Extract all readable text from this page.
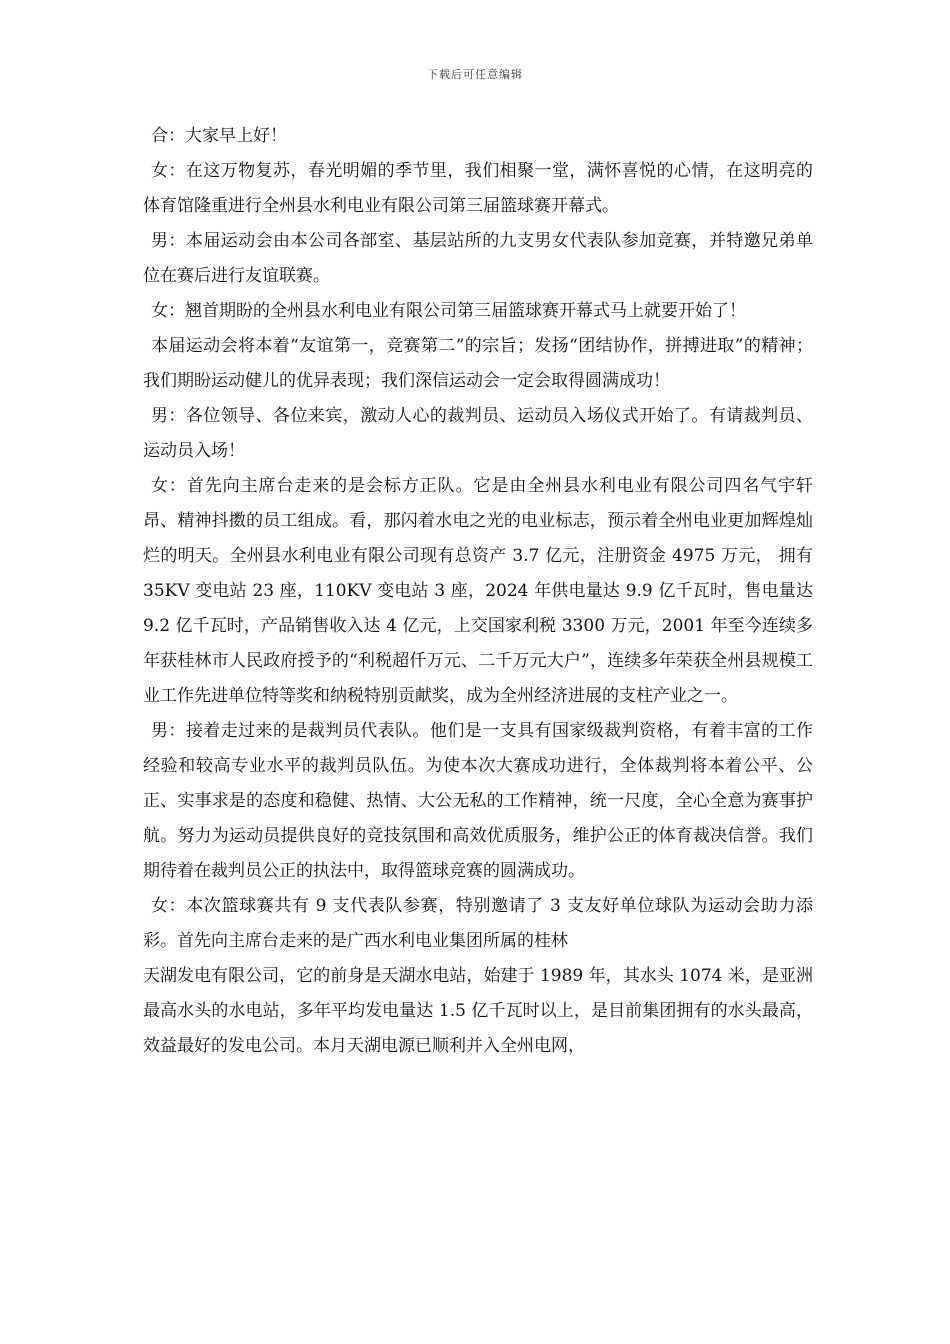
下载后可任意编辑

合：大家早上好！

女：在这万物复苏，春光明媚的季节里，我们相聚一堂，满怀喜悦的心情，在这明亮的体育馆隆重进行全州县水利电业有限公司第三届篮球赛开幕式。

男：本届运动会由本公司各部室、基层站所的九支男女代表队参加竞赛，并特邀兄弟单位在赛后进行友谊联赛。

女：翘首期盼的全州县水利电业有限公司第三届篮球赛开幕式马上就要开始了！

本届运动会将本着“友谊第一，竞赛第二”的宗旨；发扬“团结协作，拼搏进取”的精神；我们期盼运动健儿的优异表现；我们深信运动会一定会取得圆满成功！

男：各位领导、各位来宾，激动人心的裁判员、运动员入场仪式开始了。有请裁判员、运动员入场！

女：首先向主席台走来的是会标方正队。它是由全州县水利电业有限公司四名气宇轩昂、精神抖擞的员工组成。看，那闪着水电之光的电业标志，预示着全州电业更加辉煌灿烂的明天。全州县水利电业有限公司现有总资产 3.7 亿元，注册资金 4975 万元， 拥有 35KV 变电站 23 座，110KV 变电站 3 座，2024 年供电量达 9.9 亿千瓦时，售电量达 9.2 亿千瓦时，产品销售收入达 4 亿元，上交国家利税 3300 万元，2001 年至今连续多年获桂林市人民政府授予的“利税超仟万元、二千万元大户”，连续多年荣获全州县规模工业工作先进单位特等奖和纳税特别贡献奖，成为全州经济进展的支柱产业之一。

男：接着走过来的是裁判员代表队。他们是一支具有国家级裁判资格，有着丰富的工作经验和较高专业水平的裁判员队伍。为使本次大赛成功进行，全体裁判将本着公平、公正、实事求是的态度和稳健、热情、大公无私的工作精神，统一尺度，全心全意为赛事护航。努力为运动员提供良好的竞技氛围和高效优质服务，维护公正的体育裁决信誉。我们期待着在裁判员公正的执法中，取得篮球竞赛的圆满成功。

女：本次篮球赛共有 9 支代表队参赛，特别邀请了 3 支友好单位球队为运动会助力添彩。首先向主席台走来的是广西水利电业集团所属的桂林

天湖发电有限公司，它的前身是天湖水电站，始建于 1989 年，其水头 1074 米，是亚洲最高水头的水电站，多年平均发电量达 1.5 亿千瓦时以上，是目前集团拥有的水头最高，效益最好的发电公司。本月天湖电源已顺利并入全州电网，
